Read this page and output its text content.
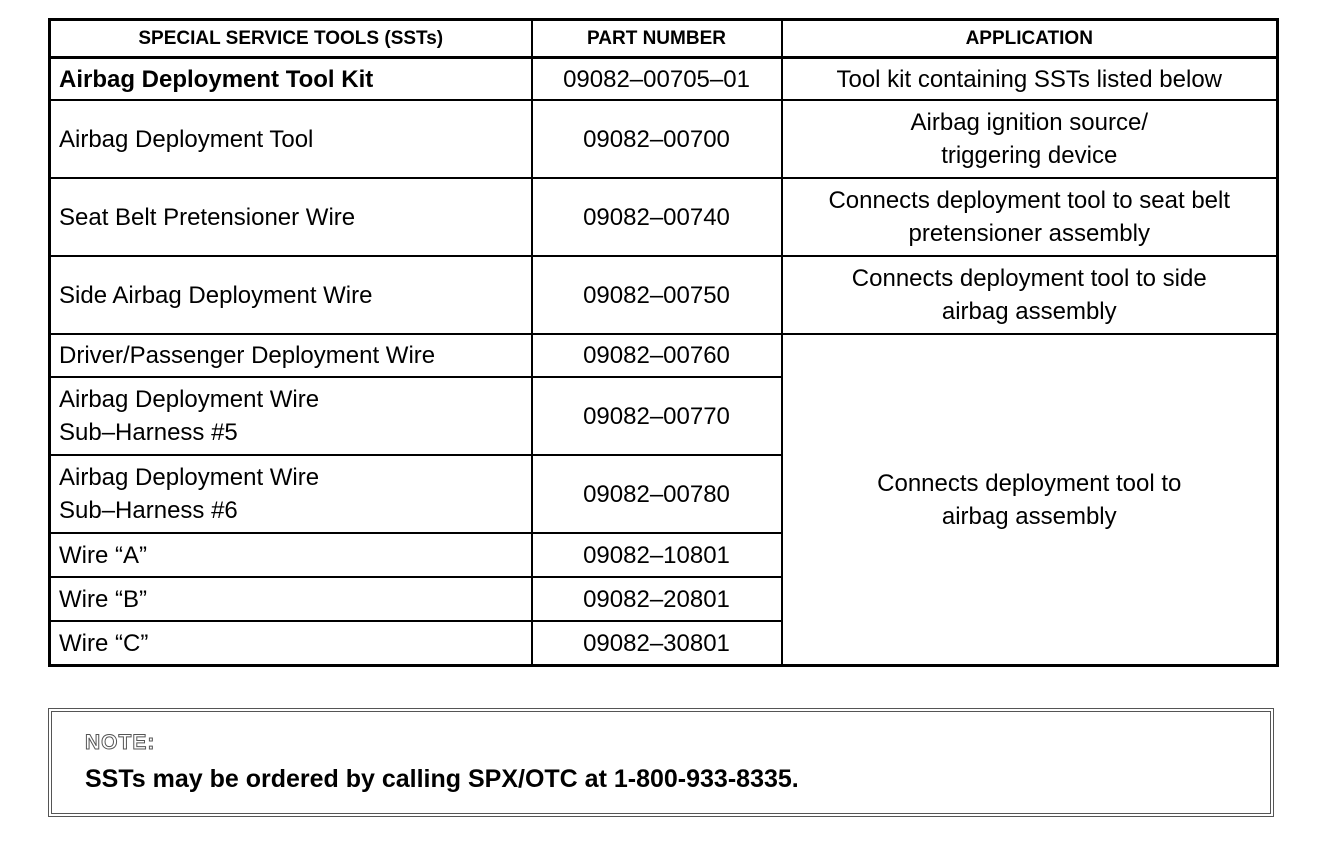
SPECIAL SERVICE TOOLS (SSTs)	PART NUMBER	APPLICATION
Airbag Deployment Tool Kit	09082–00705–01	Tool kit containing SSTs listed below
Airbag Deployment Tool	09082–00700	Airbag ignition source/
triggering device
Seat Belt Pretensioner Wire	09082–00740	Connects deployment tool to seat belt
pretensioner assembly
Side Airbag Deployment Wire	09082–00750	Connects deployment tool to side
airbag assembly
Driver/Passenger Deployment Wire	09082–00760	Connects deployment tool to
airbag assembly
Airbag Deployment Wire
Sub–Harness #5	09082–00770	
Airbag Deployment Wire
Sub–Harness #6	09082–00780	
Wire “A”	09082–10801	
Wire “B”	09082–20801	
Wire “C”	09082–30801	
NOTE:
SSTs may be ordered by calling SPX/OTC at 1-800-933-8335.
